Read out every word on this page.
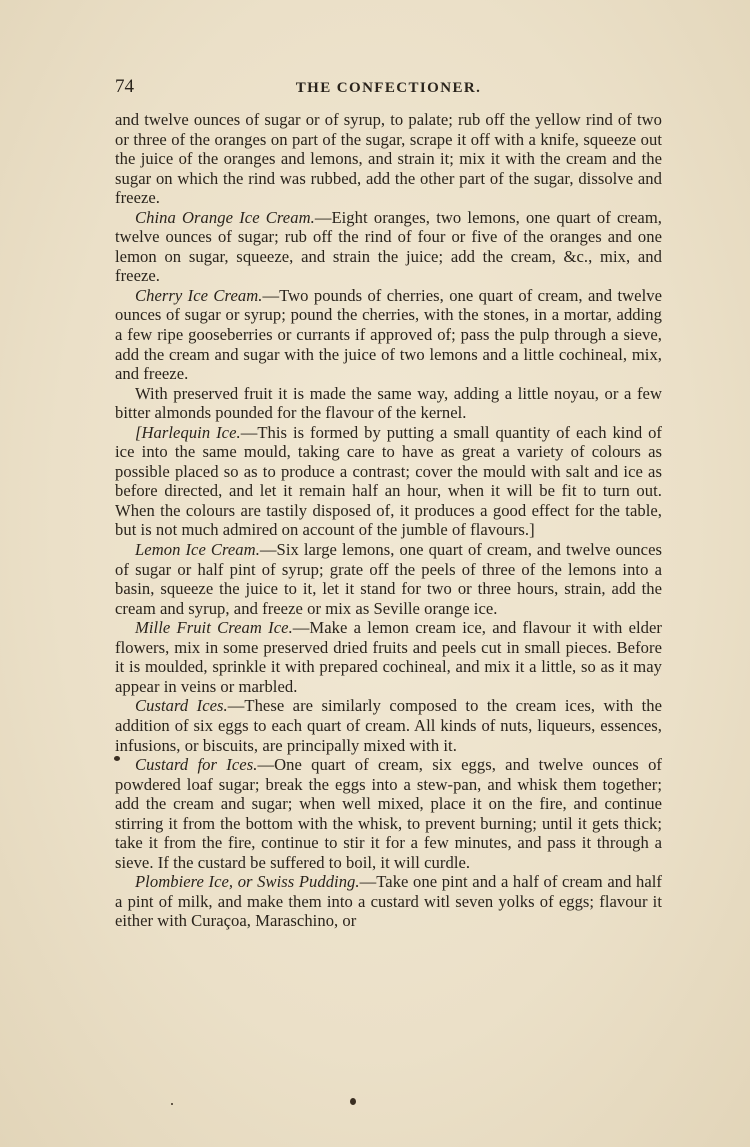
74	THE CONFECTIONER.

and twelve ounces of sugar or of syrup, to palate; rub off the yellow rind of two or three of the oranges on part of the sugar, scrape it off with a knife, squeeze out the juice of the oranges and lemons, and strain it; mix it with the cream and the sugar on which the rind was rubbed, add the other part of the sugar, dissolve and freeze.

China Orange Ice Cream.—Eight oranges, two lemons, one quart of cream, twelve ounces of sugar; rub off the rind of four or five of the oranges and one lemon on sugar, squeeze, and strain the juice; add the cream, &c., mix, and freeze.

Cherry Ice Cream.—Two pounds of cherries, one quart of cream, and twelve ounces of sugar or syrup; pound the cherries, with the stones, in a mortar, adding a few ripe gooseberries or currants if approved of; pass the pulp through a sieve, add the cream and sugar with the juice of two lemons and a little cochineal, mix, and freeze.

With preserved fruit it is made the same way, adding a little noyau, or a few bitter almonds pounded for the flavour of the kernel.

[Harlequin Ice.—This is formed by putting a small quantity of each kind of ice into the same mould, taking care to have as great a variety of colours as possible placed so as to produce a contrast; cover the mould with salt and ice as before directed, and let it remain half an hour, when it will be fit to turn out. When the colours are tastily disposed of, it produces a good effect for the table, but is not much admired on account of the jumble of flavours.]

Lemon Ice Cream.—Six large lemons, one quart of cream, and twelve ounces of sugar or half pint of syrup; grate off the peels of three of the lemons into a basin, squeeze the juice to it, let it stand for two or three hours, strain, add the cream and syrup, and freeze or mix as Seville orange ice.

Mille Fruit Cream Ice.—Make a lemon cream ice, and flavour it with elder flowers, mix in some preserved dried fruits and peels cut in small pieces. Before it is moulded, sprinkle it with prepared cochineal, and mix it a little, so as it may appear in veins or marbled.

Custard Ices.—These are similarly composed to the cream ices, with the addition of six eggs to each quart of cream. All kinds of nuts, liqueurs, essences, infusions, or biscuits, are principally mixed with it.

Custard for Ices.—One quart of cream, six eggs, and twelve ounces of powdered loaf sugar; break the eggs into a stew-pan, and whisk them together; add the cream and sugar; when well mixed, place it on the fire, and continue stirring it from the bottom with the whisk, to prevent burning; until it gets thick; take it from the fire, continue to stir it for a few minutes, and pass it through a sieve. If the custard be suffered to boil, it will curdle.

Plombiere Ice, or Swiss Pudding.—Take one pint and a half of cream and half a pint of milk, and make them into a custard witl seven yolks of eggs; flavour it either with Curaçoa, Maraschino, or
